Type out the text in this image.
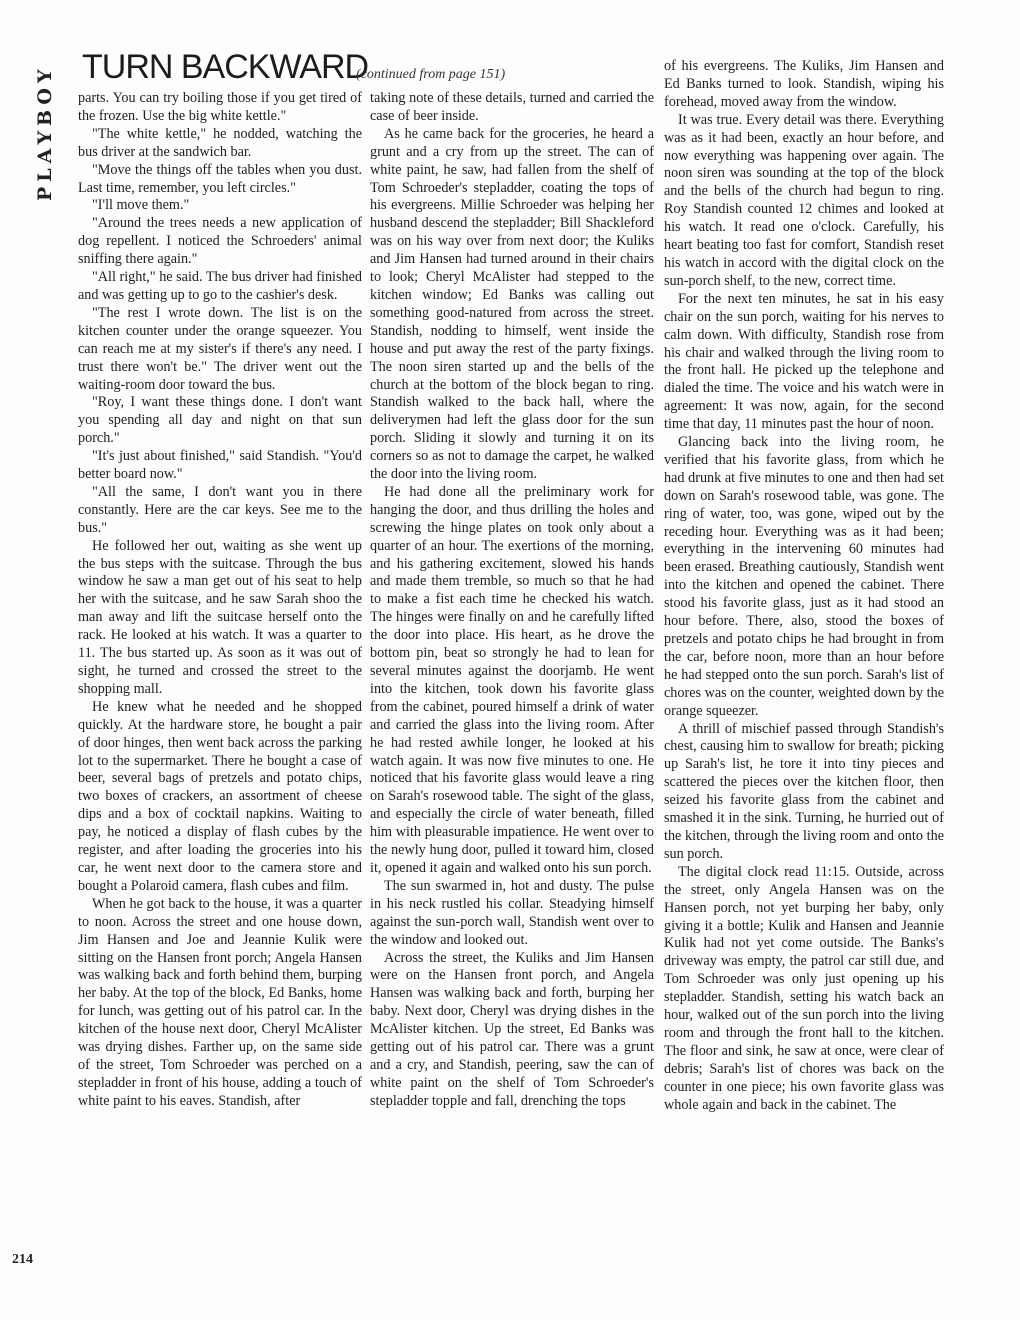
PLAYBOY TURN BACKWARD
(continued from page 151)

parts. You can try boiling those if you get tired of the frozen. Use the big white kettle."

"The white kettle," he nodded, watching the bus driver at the sandwich bar.

"Move the things off the tables when you dust. Last time, remember, you left circles."

"I'll move them."

"Around the trees needs a new application of dog repellent. I noticed the Schroeders' animal sniffing there again."

"All right," he said. The bus driver had finished and was getting up to go to the cashier's desk.

"The rest I wrote down. The list is on the kitchen counter under the orange squeezer. You can reach me at my sister's if there's any need. I trust there won't be." The driver went out the waiting-room door toward the bus.

"Roy, I want these things done. I don't want you spending all day and night on that sun porch."

"It's just about finished," said Standish. "You'd better board now."

"All the same, I don't want you in there constantly. Here are the car keys. See me to the bus."

He followed her out, waiting as she went up the bus steps with the suitcase. Through the bus window he saw a man get out of his seat to help her with the suitcase, and he saw Sarah shoo the man away and lift the suitcase herself onto the rack. He looked at his watch. It was a quarter to 11. The bus started up. As soon as it was out of sight, he turned and crossed the street to the shopping mall.

He knew what he needed and he shopped quickly. At the hardware store, he bought a pair of door hinges, then went back across the parking lot to the supermarket. There he bought a case of beer, several bags of pretzels and potato chips, two boxes of crackers, an assortment of cheese dips and a box of cocktail napkins. Waiting to pay, he noticed a display of flash cubes by the register, and after loading the groceries into his car, he went next door to the camera store and bought a Polaroid camera, flash cubes and film.

When he got back to the house, it was a quarter to noon. Across the street and one house down, Jim Hansen and Joe and Jeannie Kulik were sitting on the Hansen front porch; Angela Hansen was walking back and forth behind them, burping her baby. At the top of the block, Ed Banks, home for lunch, was getting out of his patrol car. In the kitchen of the house next door, Cheryl McAlister was drying dishes. Farther up, on the same side of the street, Tom Schroeder was perched on a stepladder in front of his house, adding a touch of white paint to his eaves. Standish, after

taking note of these details, turned and carried the case of beer inside.

As he came back for the groceries, he heard a grunt and a cry from up the street. The can of white paint, he saw, had fallen from the shelf of Tom Schroeder's stepladder, coating the tops of his evergreens. Millie Schroeder was helping her husband descend the stepladder; Bill Shackleford was on his way over from next door; the Kuliks and Jim Hansen had turned around in their chairs to look; Cheryl McAlister had stepped to the kitchen window; Ed Banks was calling out something good-natured from across the street. Standish, nodding to himself, went inside the house and put away the rest of the party fixings. The noon siren started up and the bells of the church at the bottom of the block began to ring. Standish walked to the back hall, where the deliverymen had left the glass door for the sun porch. Sliding it slowly and turning it on its corners so as not to damage the carpet, he walked the door into the living room.

He had done all the preliminary work for hanging the door, and thus drilling the holes and screwing the hinge plates on took only about a quarter of an hour. The exertions of the morning, and his gathering excitement, slowed his hands and made them tremble, so much so that he had to make a fist each time he checked his watch. The hinges were finally on and he carefully lifted the door into place. His heart, as he drove the bottom pin, beat so strongly he had to lean for several minutes against the doorjamb. He went into the kitchen, took down his favorite glass from the cabinet, poured himself a drink of water and carried the glass into the living room. After he had rested awhile longer, he looked at his watch again. It was now five minutes to one. He noticed that his favorite glass would leave a ring on Sarah's rosewood table. The sight of the glass, and especially the circle of water beneath, filled him with pleasurable impatience. He went over to the newly hung door, pulled it toward him, closed it, opened it again and walked onto his sun porch.

The sun swarmed in, hot and dusty. The pulse in his neck rustled his collar. Steadying himself against the sun-porch wall, Standish went over to the window and looked out.

Across the street, the Kuliks and Jim Hansen were on the Hansen front porch, and Angela Hansen was walking back and forth, burping her baby. Next door, Cheryl was drying dishes in the McAlister kitchen. Up the street, Ed Banks was getting out of his patrol car. There was a grunt and a cry, and Standish, peering, saw the can of white paint on the shelf of Tom Schroeder's stepladder topple and fall, drenching the tops

of his evergreens. The Kuliks, Jim Hansen and Ed Banks turned to look. Standish, wiping his forehead, moved away from the window.

It was true. Every detail was there. Everything was as it had been, exactly an hour before, and now everything was happening over again. The noon siren was sounding at the top of the block and the bells of the church had begun to ring. Roy Standish counted 12 chimes and looked at his watch. It read one o'clock. Carefully, his heart beating too fast for comfort, Standish reset his watch in accord with the digital clock on the sun-porch shelf, to the new, correct time.

For the next ten minutes, he sat in his easy chair on the sun porch, waiting for his nerves to calm down. With difficulty, Standish rose from his chair and walked through the living room to the front hall. He picked up the telephone and dialed the time. The voice and his watch were in agreement: It was now, again, for the second time that day, 11 minutes past the hour of noon.

Glancing back into the living room, he verified that his favorite glass, from which he had drunk at five minutes to one and then had set down on Sarah's rosewood table, was gone. The ring of water, too, was gone, wiped out by the receding hour. Everything was as it had been; everything in the intervening 60 minutes had been erased. Breathing cautiously, Standish went into the kitchen and opened the cabinet. There stood his favorite glass, just as it had stood an hour before. There, also, stood the boxes of pretzels and potato chips he had brought in from the car, before noon, more than an hour before he had stepped onto the sun porch. Sarah's list of chores was on the counter, weighted down by the orange squeezer.

A thrill of mischief passed through Standish's chest, causing him to swallow for breath; picking up Sarah's list, he tore it into tiny pieces and scattered the pieces over the kitchen floor, then seized his favorite glass from the cabinet and smashed it in the sink. Turning, he hurried out of the kitchen, through the living room and onto the sun porch.

The digital clock read 11:15. Outside, across the street, only Angela Hansen was on the Hansen porch, not yet burping her baby, only giving it a bottle; Kulik and Hansen and Jeannie Kulik had not yet come outside. The Banks's driveway was empty, the patrol car still due, and Tom Schroeder was only just opening up his stepladder. Standish, setting his watch back an hour, walked out of the sun porch into the living room and through the front hall to the kitchen. The floor and sink, he saw at once, were clear of debris; Sarah's list of chores was back on the counter in one piece; his own favorite glass was whole again and back in the cabinet. The

214
